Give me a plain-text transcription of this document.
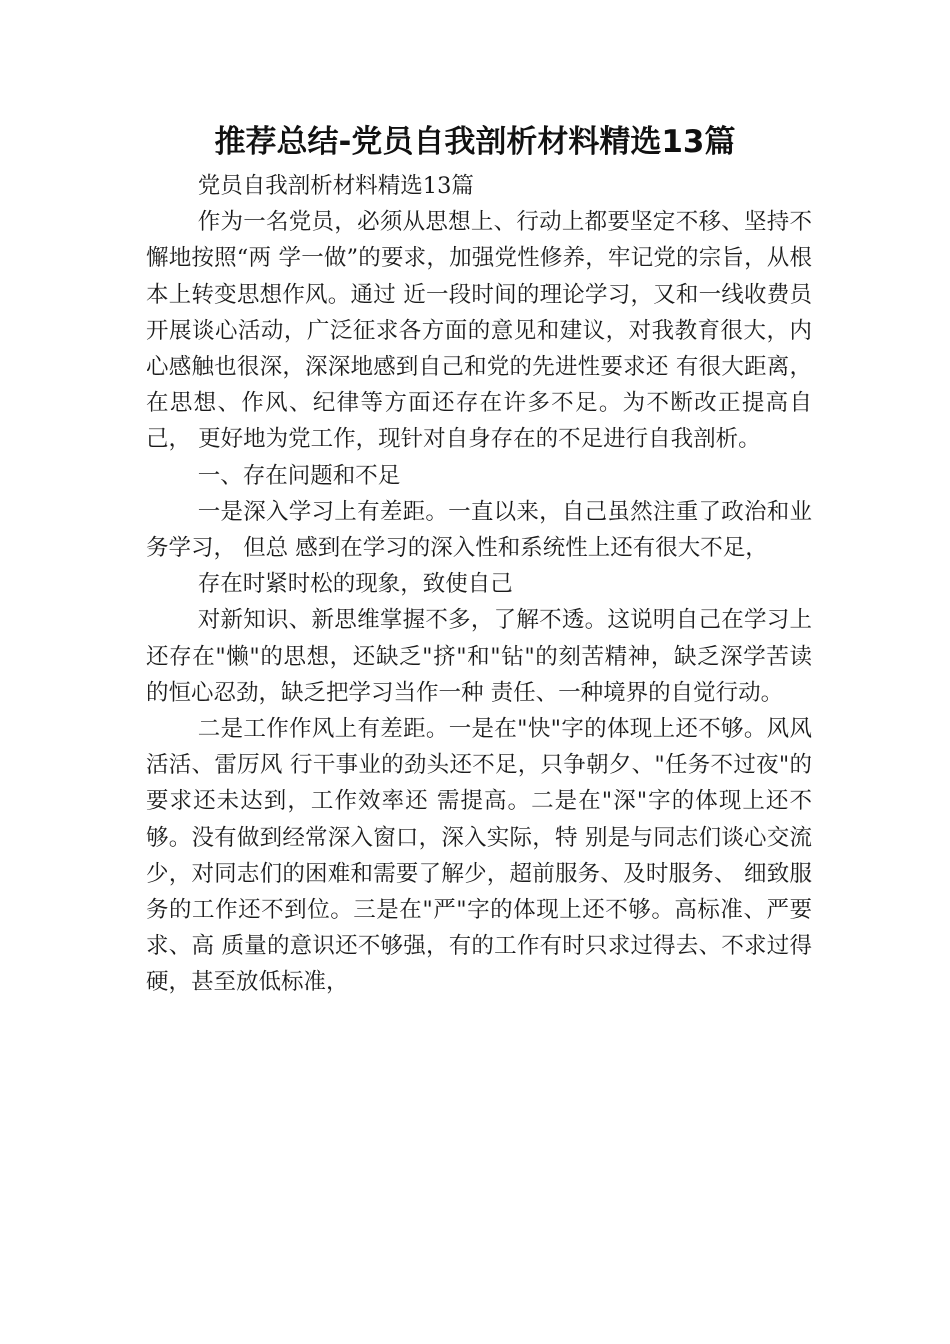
推荐总结-党员自我剖析材料精选13篇

党员自我剖析材料精选13篇

作为一名党员，必须从思想上、行动上都要坚定不移、坚持不懈地按照“两 学一做”的要求，加强党性修养，牢记党的宗旨，从根本上转变思想作风。通过 近一段时间的理论学习，又和一线收费员开展谈心活动，广泛征求各方面的意见和建议，对我教育很大，内心感触也很深，深深地感到自己和党的先进性要求还 有很大距离，在思想、作风、纪律等方面还存在许多不足。为不断改正提高自己， 更好地为党工作，现针对自身存在的不足进行自我剖析。

一、存在问题和不足

一是深入学习上有差距。一直以来，自己虽然注重了政治和业务学习， 但总 感到在学习的深入性和系统性上还有很大不足，

存在时紧时松的现象，致使自己

对新知识、新思维掌握不多，了解不透。这说明自己在学习上还存在"懒"的思想，还缺乏"挤"和"钻"的刻苦精神，缺乏深学苦读的恒心忍劲，缺乏把学习当作一种 责任、一种境界的自觉行动。

二是工作作风上有差距。一是在"快"字的体现上还不够。风风活活、雷厉风 行干事业的劲头还不足，只争朝夕、"任务不过夜"的要求还未达到，工作效率还 需提高。二是在"深"字的体现上还不够。没有做到经常深入窗口，深入实际，特 别是与同志们谈心交流少，对同志们的困难和需要了解少，超前服务、及时服务、 细致服务的工作还不到位。三是在"严"字的体现上还不够。高标准、严要求、高 质量的意识还不够强，有的工作有时只求过得去、不求过得硬，甚至放低标准，
